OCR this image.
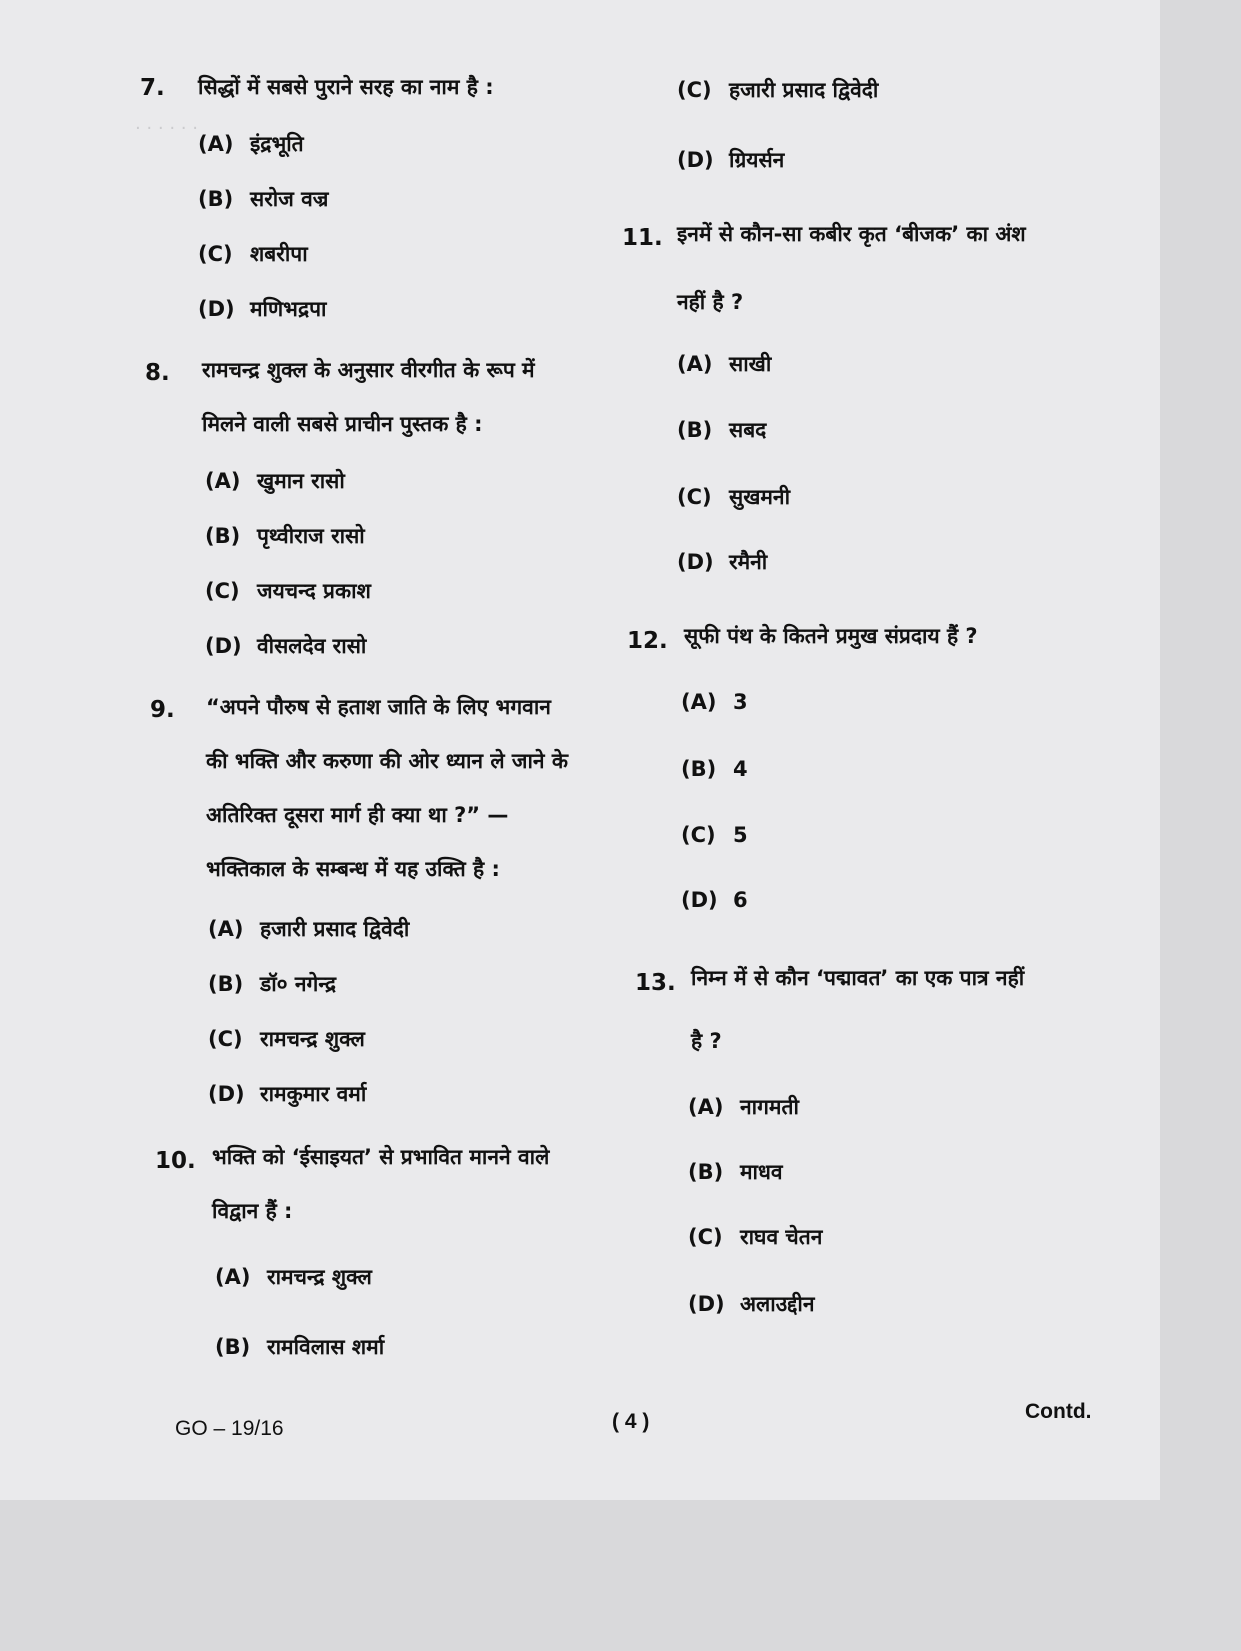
· · · · · ·
7. सिद्धों में सबसे पुराने सरह का नाम है :
(A) इंद्रभूति
(B) सरोज वज्र
(C) शबरीपा
(D) मणिभद्रपा
8. रामचन्द्र शुक्ल के अनुसार वीरगीत के रूप में
मिलने वाली सबसे प्राचीन पुस्तक है :
(A) खुमान रासो
(B) पृथ्वीराज रासो
(C) जयचन्द प्रकाश
(D) वीसलदेव रासो
9. “अपने पौरुष से हताश जाति के लिए भगवान
की भक्ति और करुणा की ओर ध्यान ले जाने के
अतिरिक्त दूसरा मार्ग ही क्या था ?” —
भक्तिकाल के सम्बन्ध में यह उक्ति है :
(A) हजारी प्रसाद द्विवेदी
(B) डॉ० नगेन्द्र
(C) रामचन्द्र शुक्ल
(D) रामकुमार वर्मा
10. भक्ति को ‘ईसाइयत’ से प्रभावित मानने वाले
विद्वान हैं :
(A) रामचन्द्र शुक्ल
(B) रामविलास शर्मा
(C) हजारी प्रसाद द्विवेदी
(D) ग्रियर्सन
11. इनमें से कौन-सा कबीर कृत ‘बीजक’ का अंश
नहीं है ?
(A) साखी
(B) सबद
(C) सुखमनी
(D) रमैनी
12. सूफी पंथ के कितने प्रमुख संप्रदाय हैं ?
(A) 3
(B) 4
(C) 5
(D) 6
13. निम्न में से कौन ‘पद्मावत’ का एक पात्र नहीं
है ?
(A) नागमती
(B) माधव
(C) राघव चेतन
(D) अलाउद्दीन
GO – 19/16	( 4 )	Contd.
